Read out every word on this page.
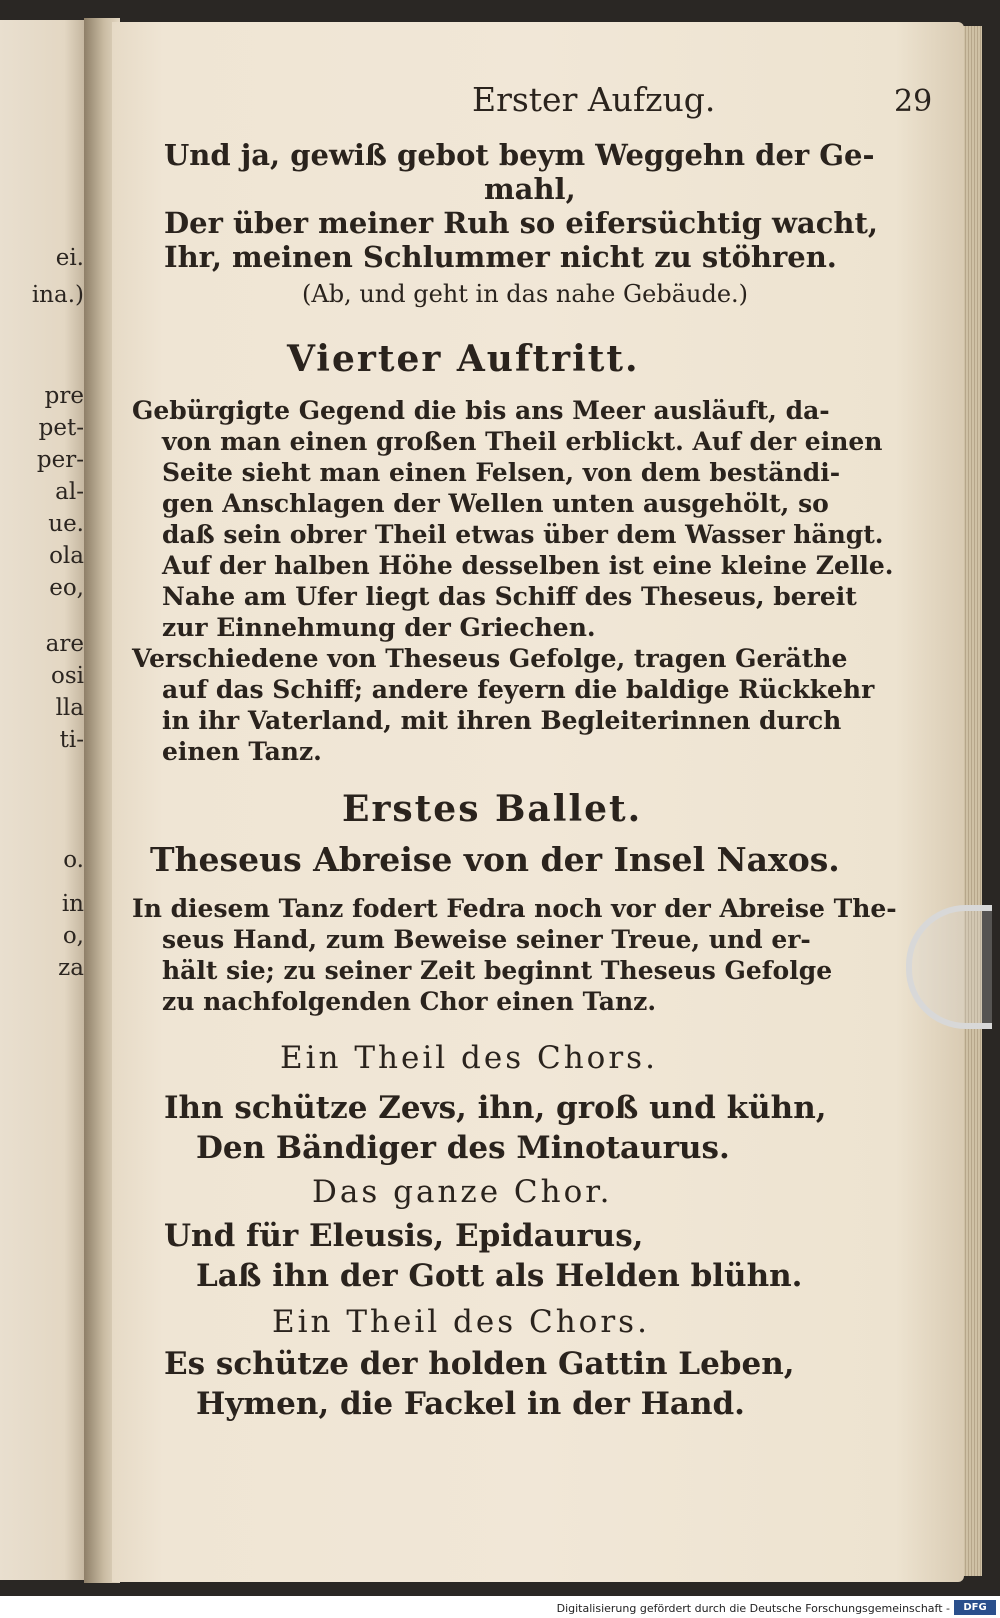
ei.
ina.)
pre
pet-
per-
al-
ue.
ola
eo,
are
osi
lla
ti-
o.
in
o,
za
Erster Aufzug.	29
Und ja, gewiß gebot beym Weggehn der Ge-
mahl,
Der über meiner Ruh so eifersüchtig wacht,
Ihr, meinen Schlummer nicht zu stöhren.
(Ab, und geht in das nahe Gebäude.)
Vierter Auftritt.
Gebürgigte Gegend die bis ans Meer ausläuft, da-
von man einen großen Theil erblickt. Auf der einen
Seite sieht man einen Felsen, von dem beständi-
gen Anschlagen der Wellen unten ausgehölt, so
daß sein obrer Theil etwas über dem Wasser hängt.
Auf der halben Höhe desselben ist eine kleine Zelle.
Nahe am Ufer liegt das Schiff des Theseus, bereit
zur Einnehmung der Griechen.
Verschiedene von Theseus Gefolge, tragen Geräthe
auf das Schiff; andere feyern die baldige Rückkehr
in ihr Vaterland, mit ihren Begleiterinnen durch
einen Tanz.
Erstes Ballet.
Theseus Abreise von der Insel Naxos.
In diesem Tanz fodert Fedra noch vor der Abreise The-
seus Hand, zum Beweise seiner Treue, und er-
hält sie; zu seiner Zeit beginnt Theseus Gefolge
zu nachfolgenden Chor einen Tanz.
Ein Theil des Chors.
Ihn schütze Zevs, ihn, groß und kühn,
Den Bändiger des Minotaurus.
Das ganze Chor.
Und für Eleusis, Epidaurus,
Laß ihn der Gott als Helden blühn.
Ein Theil des Chors.
Es schütze der holden Gattin Leben,
Hymen, die Fackel in der Hand.
Digitalisierung gefördert durch die Deutsche Forschungsgemeinschaft -	DFG
